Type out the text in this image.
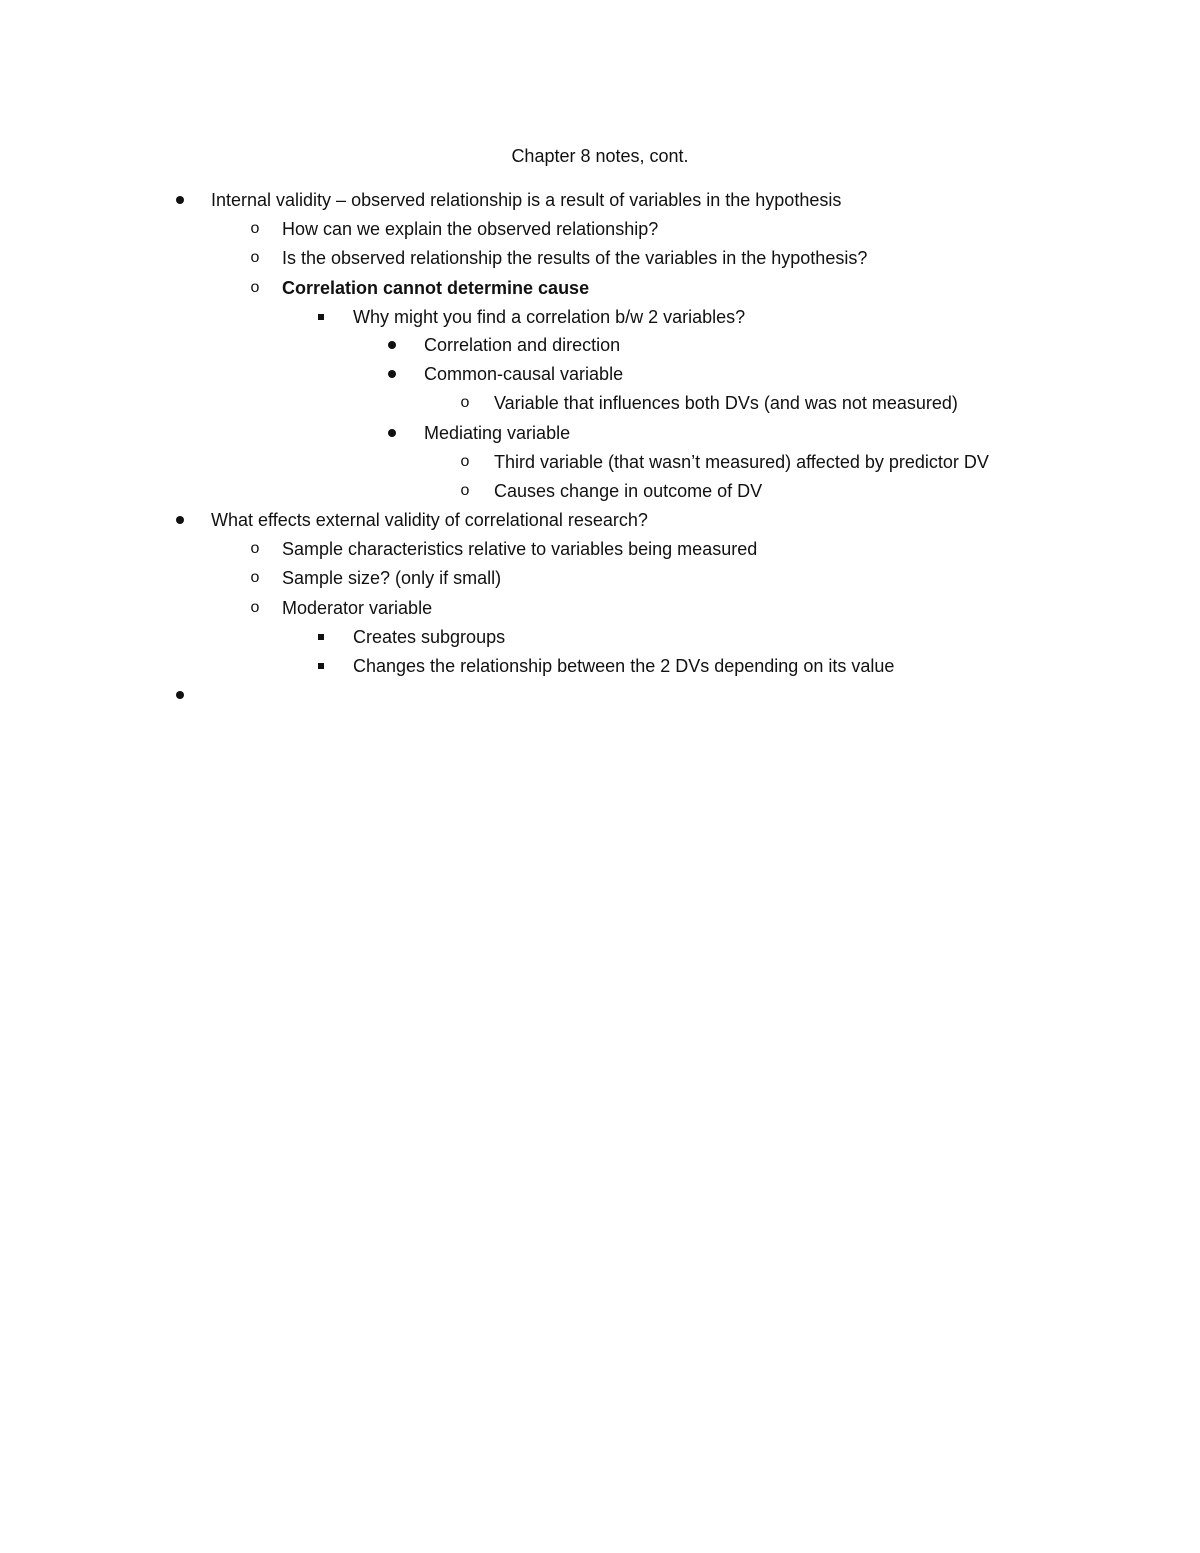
Chapter 8 notes, cont.
Internal validity – observed relationship is a result of variables in the hypothesis
o	How can we explain the observed relationship?
o	Is the observed relationship the results of the variables in the hypothesis?
o	Correlation cannot determine cause
Why might you find a correlation b/w 2 variables?
Correlation and direction
Common-causal variable
o	Variable that influences both DVs (and was not measured)
Mediating variable
o	Third variable (that wasn’t measured) affected by predictor DV
o	Causes change in outcome of DV
What effects external validity of correlational research?
o	Sample characteristics relative to variables being measured
o	Sample size? (only if small)
o	Moderator variable
Creates subgroups
Changes the relationship between the 2 DVs depending on its value
